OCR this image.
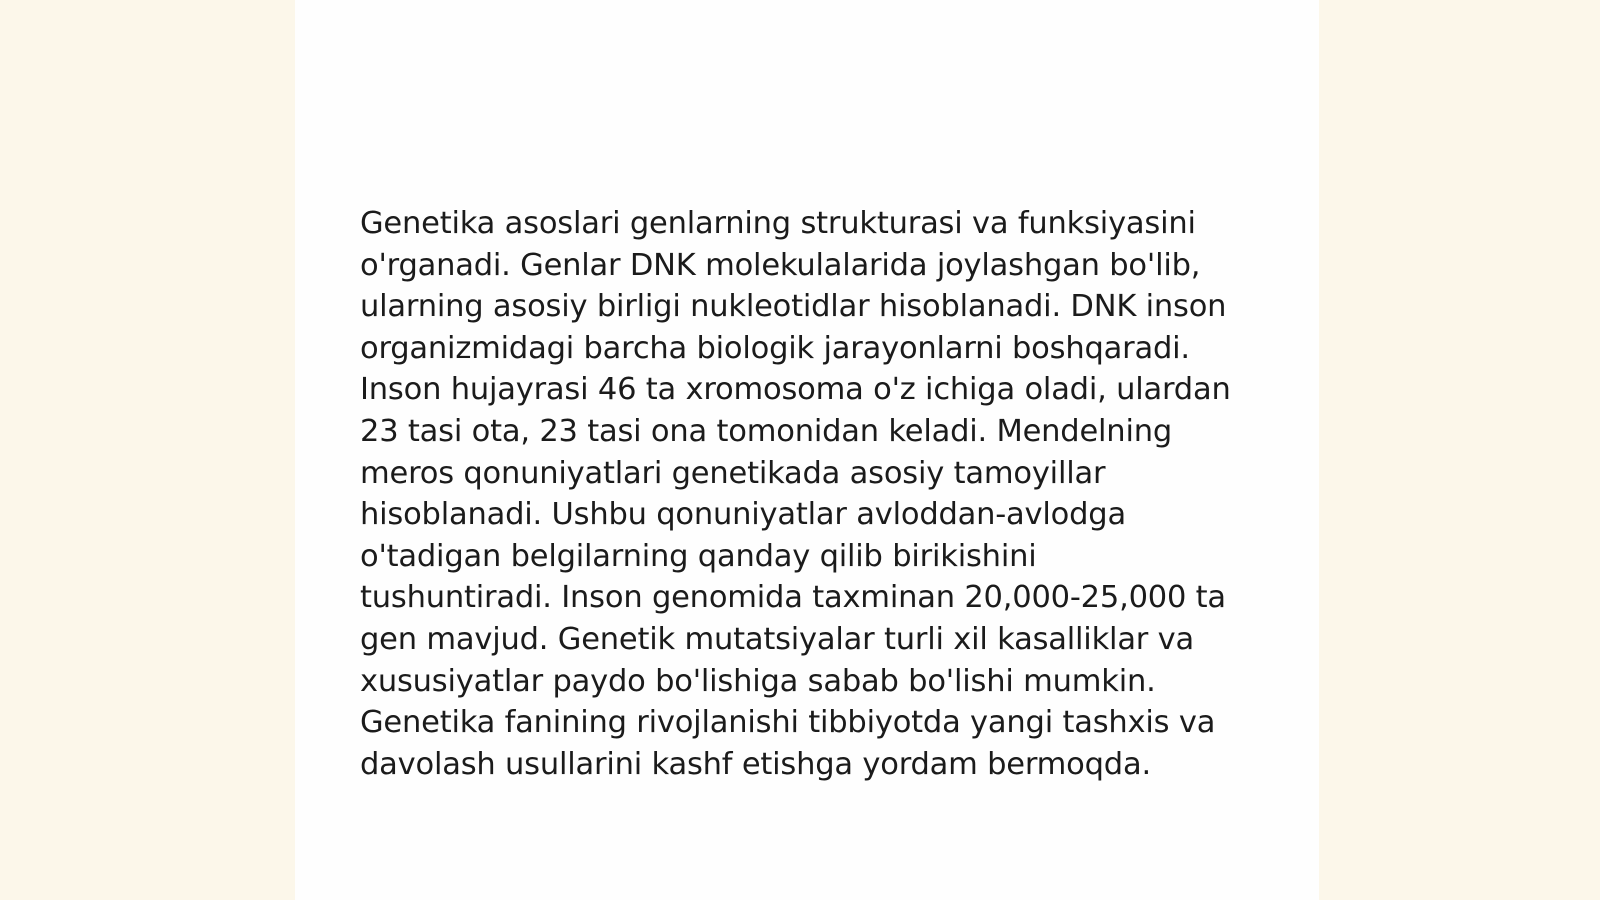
Genetika asoslari genlarning strukturasi va funksiyasini o'rganadi. Genlar DNK molekulalarida joylashgan bo'lib, ularning asosiy birligi nukleotidlar hisoblanadi. DNK inson organizmidagi barcha biologik jarayonlarni boshqaradi. Inson hujayrasi 46 ta xromosoma o'z ichiga oladi, ulardan 23 tasi ota, 23 tasi ona tomonidan keladi. Mendelning meros qonuniyatlari genetikada asosiy tamoyillar hisoblanadi. Ushbu qonuniyatlar avloddan-avlodga o'tadigan belgilarning qanday qilib birikishini tushuntiradi. Inson genomida taxminan 20,000-25,000 ta gen mavjud. Genetik mutatsiyalar turli xil kasalliklar va xususiyatlar paydo bo'lishiga sabab bo'lishi mumkin. Genetika fanining rivojlanishi tibbiyotda yangi tashxis va davolash usullarini kashf etishga yordam bermoqda.
